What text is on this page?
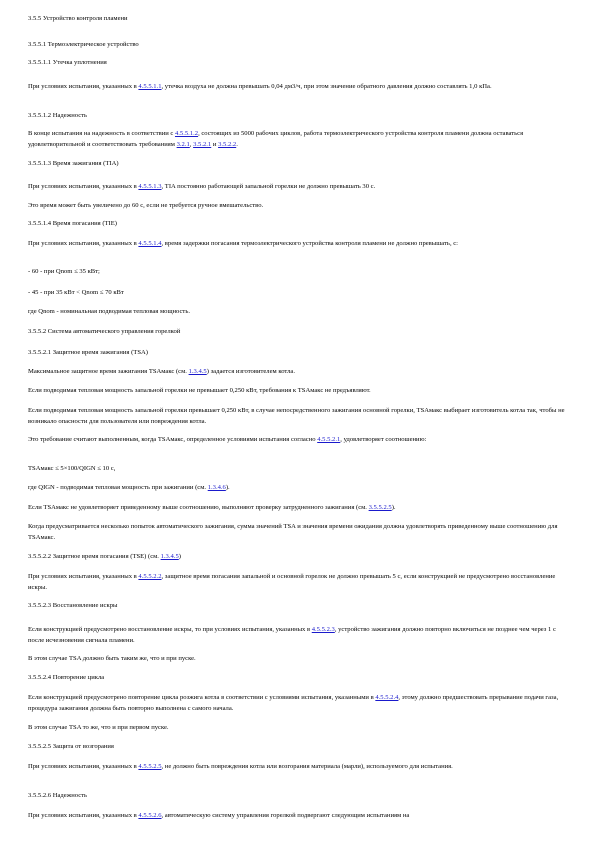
3.5.5 Устройство контроля пламени

3.5.5.1 Термоэлектрическое устройство

3.5.5.1.1 Утечка уплотнения

При условиях испытания, указанных в 4.5.5.1.1, утечка воздуха не должна превышать 0,04 дм3/ч, при этом значение обратного давления должно составлять 1,0 кПа.

3.5.5.1.2 Надежность

В конце испытания на надежность в соответствии с 4.5.5.1.2, состоящих из 5000 рабочих циклов, работа термоэлектрического устройства контроля пламени должна оставаться удовлетворительной и соответствовать требованиям 3.2.1, 3.5.2.1 и 3.5.2.2.

3.5.5.1.3 Время зажигания (TIA)

При условиях испытания, указанных в 4.5.5.1.3, TIA постоянно работающей запальной горелки не должно превышать 30 с.

Это время может быть увеличено до 60 с, если не требуется ручное вмешательство.

3.5.5.1.4 Время погасания (TIE)

При условиях испытания, указанных в 4.5.5.1.4, время задержки погасания термоэлектрического устройства контроля пламени не должно превышать, с:

- 60 - при Qnom ≤ 35 кВт;

- 45 - при 35 кВт < Qnom ≤ 70 кВт

где Qnom - номинальная подводимая тепловая мощность.

3.5.5.2 Система автоматического управления горелкой

3.5.5.2.1 Защитное время зажигания (TSA)

Максимальное защитное время зажигания TSAмакс (см. 1.3.4.5) задается изготовителем котла.

Если подводимая тепловая мощность запальной горелки не превышает 0,250 кВт, требования к TSAмакс не предъявляют.

Если подводимая тепловая мощность запальной горелки превышает 0,250 кВт, в случае непосредственного зажигания основной горелки, TSAмакс выбирает изготовитель котла так, чтобы не возникало опасности для пользователя или повреждения котла.

Это требование считают выполненным, когда TSAмакс, определенное условиями испытания согласно 4.5.5.2.1, удовлетворяет соотношению:

TSAмакс ≤ 5×100/QIGN ≤ 10 с,

где QIGN - подводимая тепловая мощность при зажигании (см. 1.3.4.6).

Если TSAмакс не удовлетворяет приведенному выше соотношению, выполняют проверку затрудненного зажигания (см. 3.5.5.2.5).

Когда предусматривается несколько попыток автоматического зажигания, сумма значений TSA и значения времени ожидания должна удовлетворять приведенному выше соотношению для TSAмакс.

3.5.5.2.2 Защитное время погасания (TSE) (см. 1.3.4.5)

При условиях испытания, указанных в 4.5.5.2.2, защитное время погасания запальной и основной горелок не должно превышать 5 с, если конструкцией не предусмотрено восстановление искры.

3.5.5.2.3 Восстановление искры

Если конструкцией предусмотрено восстановление искры, то при условиях испытания, указанных в 4.5.5.2.3, устройство зажигания должно повторно включиться не позднее чем через 1 с после исчезновения сигнала пламени.

В этом случае TSA должно быть таким же, что и при пуске.

3.5.5.2.4 Повторение цикла

Если конструкцией предусмотрено повторение цикла розжига котла в соответствии с условиями испытания, указанными в 4.5.5.2.4, этому должно предшествовать прерывание подачи газа, процедура зажигания должна быть повторно выполнена с самого начала.

В этом случае TSA то же, что и при первом пуске.

3.5.5.2.5 Защита от возгорания

При условиях испытания, указанных в 4.5.5.2.5, не должно быть повреждения котла или возгорания материала (марли), используемого для испытания.

3.5.5.2.6 Надежность

При условиях испытания, указанных в 4.5.5.2.6, автоматическую систему управления горелкой подвергают следующим испытаниям на
